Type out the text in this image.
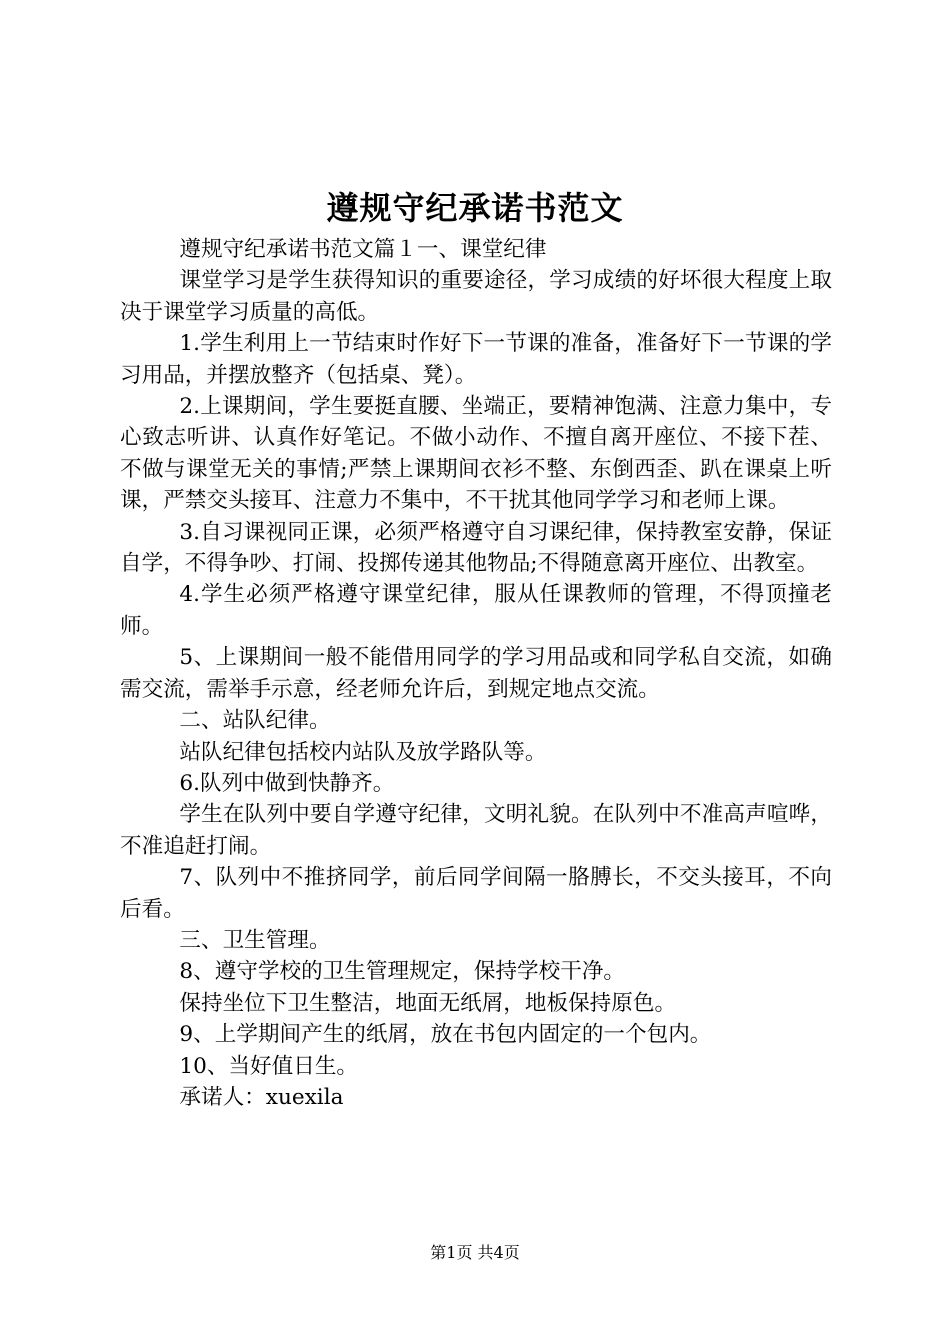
遵规守纪承诺书范文

遵规守纪承诺书范文篇１一、课堂纪律

课堂学习是学生获得知识的重要途径，学习成绩的好坏很大程度上取决于课堂学习质量的高低。

1.学生利用上一节结束时作好下一节课的准备，准备好下一节课的学习用品，并摆放整齐（包括桌、凳）。

2.上课期间，学生要挺直腰、坐端正，要精神饱满、注意力集中，专心致志听讲、认真作好笔记。不做小动作、不擅自离开座位、不接下茬、不做与课堂无关的事情;严禁上课期间衣衫不整、东倒西歪、趴在课桌上听课，严禁交头接耳、注意力不集中，不干扰其他同学学习和老师上课。

3.自习课视同正课，必须严格遵守自习课纪律，保持教室安静，保证自学，不得争吵、打闹、投掷传递其他物品;不得随意离开座位、出教室。

4.学生必须严格遵守课堂纪律，服从任课教师的管理，不得顶撞老师。

5、上课期间一般不能借用同学的学习用品或和同学私自交流，如确需交流，需举手示意，经老师允许后，到规定地点交流。

二、站队纪律。

站队纪律包括校内站队及放学路队等。

6.队列中做到快静齐。

学生在队列中要自学遵守纪律，文明礼貌。在队列中不准高声喧哗，不准追赶打闹。

7、队列中不推挤同学，前后同学间隔一胳膊长，不交头接耳，不向后看。

三、卫生管理。

8、遵守学校的卫生管理规定，保持学校干净。

保持坐位下卫生整洁，地面无纸屑，地板保持原色。

9、上学期间产生的纸屑，放在书包内固定的一个包内。

10、当好值日生。

承诺人：xuexila

第1页 共4页
